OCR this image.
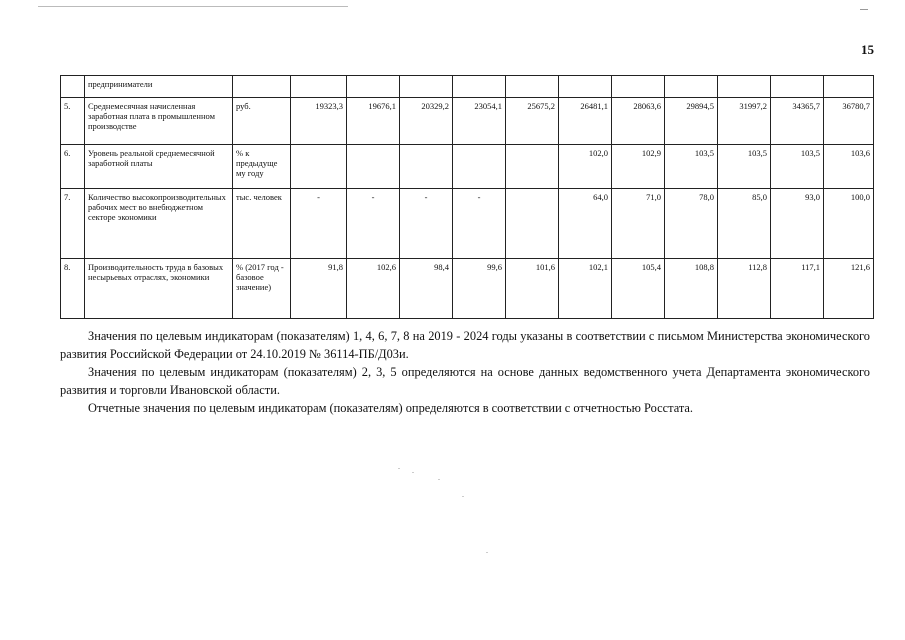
15
	предприниматели												
5.	Среднемесячная начисленная заработная плата в промышленном производстве	руб.	19323,3	19676,1	20329,2	23054,1	25675,2	26481,1	28063,6	29894,5	31997,2	34365,7	36780,7
6.	Уровень реальной среднемесячной заработной платы	% к предыдуще му году						102,0	102,9	103,5	103,5	103,5	103,6
7.	Количество высокопроизводительных рабочих мест во внебюджетном секторе экономики	тыс. человек	-	-	-	-		64,0	71,0	78,0	85,0	93,0	100,0
8.	Производительность труда в базовых несырьевых отраслях, экономики	% (2017 год - базовое значение)	91,8	102,6	98,4	99,6	101,6	102,1	105,4	108,8	112,8	117,1	121,6

Значения по целевым индикаторам (показателям) 1, 4, 6, 7, 8 на 2019 - 2024 годы указаны в соответствии с письмом Министерства экономического развития Российской Федерации от 24.10.2019 № 36114-ПБ/Д03и.

Значения по целевым индикаторам (показателям) 2, 3, 5 определяются на основе данных ведомственного учета Департамента экономического развития и торговли Ивановской области.

Отчетные значения по целевым индикаторам (показателям) определяются в соответствии с отчетностью Росстата.
